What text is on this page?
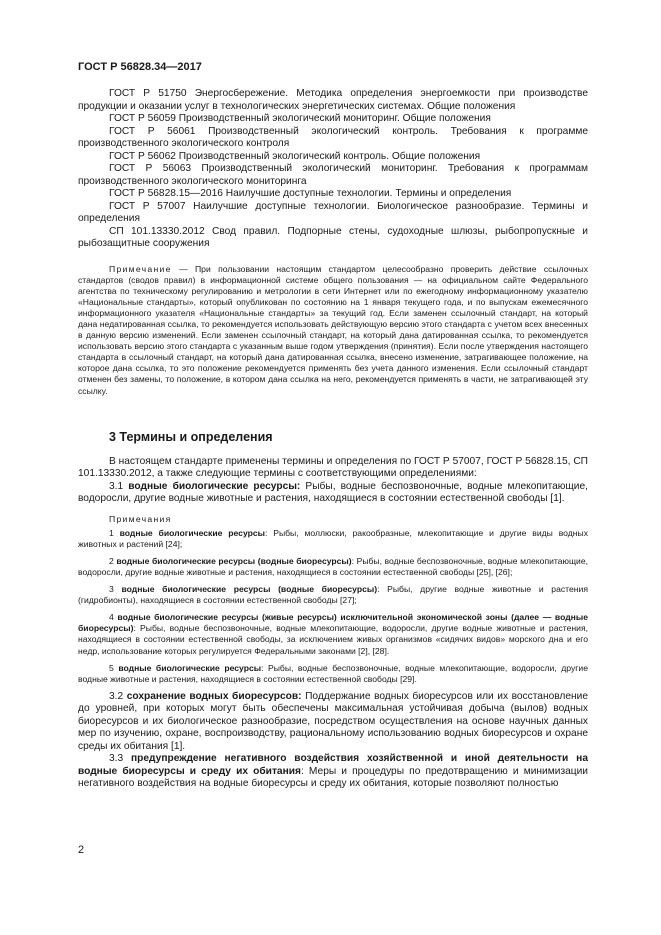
ГОСТ Р 56828.34—2017

ГОСТ Р 51750 Энергосбережение. Методика определения энергоемкости при производстве продукции и оказании услуг в технологических энергетических системах. Общие положения

ГОСТ Р 56059 Производственный экологический мониторинг. Общие положения

ГОСТ Р 56061 Производственный экологический контроль. Требования к программе производственного экологического контроля

ГОСТ Р 56062 Производственный экологический контроль. Общие положения

ГОСТ Р 56063 Производственный экологический мониторинг. Требования к программам производственного экологического мониторинга

ГОСТ Р 56828.15—2016 Наилучшие доступные технологии. Термины и определения

ГОСТ Р 57007 Наилучшие доступные технологии. Биологическое разнообразие. Термины и определения

СП 101.13330.2012 Свод правил. Подпорные стены, судоходные шлюзы, рыбопропускные и рыбозащитные сооружения

Примечание — При пользовании настоящим стандартом целесообразно проверить действие ссылочных стандартов (сводов правил) в информационной системе общего пользования — на официальном сайте Федерального агентства по техническому регулированию и метрологии в сети Интернет или по ежегодному информационному указателю «Национальные стандарты», который опубликован по состоянию на 1 января текущего года, и по выпускам ежемесячного информационного указателя «Национальные стандарты» за текущий год. Если заменен ссылочный стандарт, на который дана недатированная ссылка, то рекомендуется использовать действующую версию этого стандарта с учетом всех внесенных в данную версию изменений. Если заменен ссылочный стандарт, на который дана датированная ссылка, то рекомендуется использовать версию этого стандарта с указанным выше годом утверждения (принятия). Если после утверждения настоящего стандарта в ссылочный стандарт, на который дана датированная ссылка, внесено изменение, затрагивающее положение, на которое дана ссылка, то это положение рекомендуется применять без учета данного изменения. Если ссылочный стандарт отменен без замены, то положение, в котором дана ссылка на него, рекомендуется применять в части, не затрагивающей эту ссылку.

3 Термины и определения

В настоящем стандарте применены термины и определения по ГОСТ Р 57007, ГОСТ Р 56828.15, СП 101.13330.2012, а также следующие термины с соответствующими определениями:

3.1 водные биологические ресурсы: Рыбы, водные беспозвоночные, водные млекопитающие, водоросли, другие водные животные и растения, находящиеся в состоянии естественной свободы [1].

Примечания

1 водные биологические ресурсы: Рыбы, моллюски, ракообразные, млекопитающие и другие виды водных животных и растений [24];

2 водные биологические ресурсы (водные биоресурсы): Рыбы, водные беспозвоночные, водные млекопитающие, водоросли, другие водные животные и растения, находящиеся в состоянии естественной свободы [25], [26];

3 водные биологические ресурсы (водные биоресурсы): Рыбы, другие водные животные и растения (гидробионты), находящиеся в состоянии естественной свободы [27];

4 водные биологические ресурсы (живые ресурсы) исключительной экономической зоны (далее — водные биоресурсы): Рыбы, водные беспозвоночные, водные млекопитающие, водоросли, другие водные животные и растения, находящиеся в состоянии естественной свободы, за исключением живых организмов «сидячих видов» морского дна и его недр, использование которых регулируется Федеральными законами [2], [28].

5 водные биологические ресурсы: Рыбы, водные беспозвоночные, водные млекопитающие, водоросли, другие водные животные и растения, находящиеся в состоянии естественной свободы [29].

3.2 сохранение водных биоресурсов: Поддержание водных биоресурсов или их восстановление до уровней, при которых могут быть обеспечены максимальная устойчивая добыча (вылов) водных биоресурсов и их биологическое разнообразие, посредством осуществления на основе научных данных мер по изучению, охране, воспроизводству, рациональному использованию водных биоресурсов и охране среды их обитания [1].

3.3 предупреждение негативного воздействия хозяйственной и иной деятельности на водные биоресурсы и среду их обитания: Меры и процедуры по предотвращению и минимизации негативного воздействия на водные биоресурсы и среду их обитания, которые позволяют полностью

2
